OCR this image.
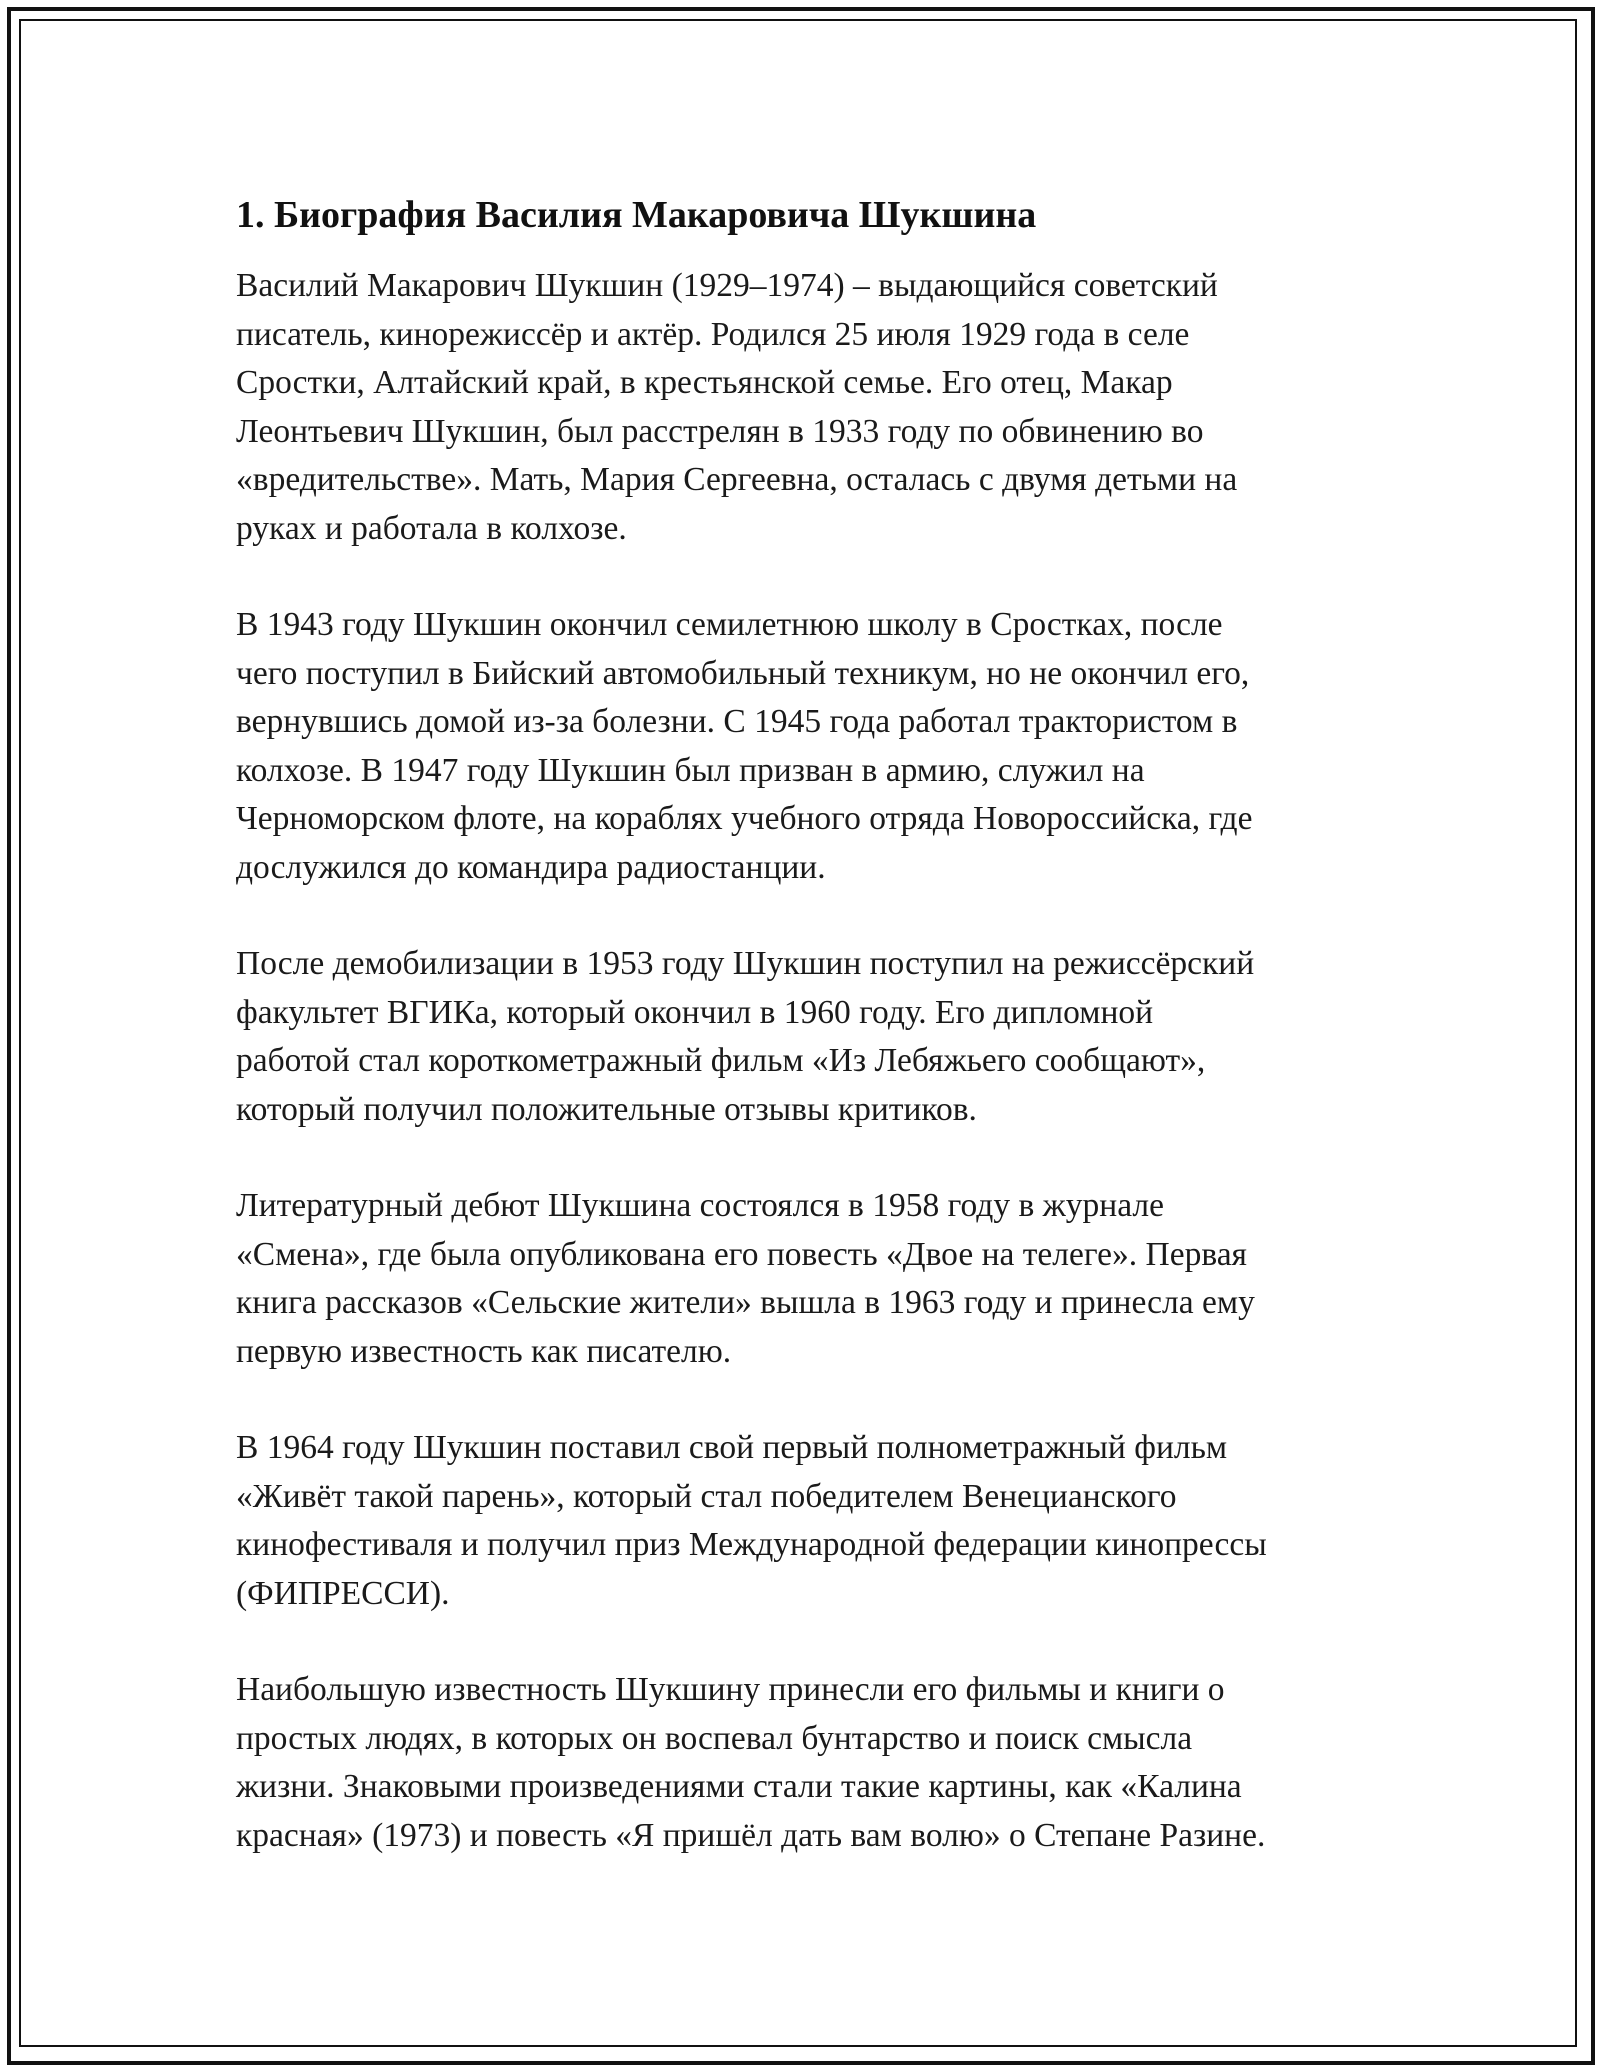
1. Биография Василия Макаровича Шукшина

Василий Макарович Шукшин (1929–1974) – выдающийся советский
писатель, кинорежиссёр и актёр. Родился 25 июля 1929 года в селе
Сростки, Алтайский край, в крестьянской семье. Его отец, Макар
Леонтьевич Шукшин, был расстрелян в 1933 году по обвинению во
«вредительстве». Мать, Мария Сергеевна, осталась с двумя детьми на
руках и работала в колхозе.

В 1943 году Шукшин окончил семилетнюю школу в Сростках, после
чего поступил в Бийский автомобильный техникум, но не окончил его,
вернувшись домой из-за болезни. С 1945 года работал трактористом в
колхозе. В 1947 году Шукшин был призван в армию, служил на
Черноморском флоте, на кораблях учебного отряда Новороссийска, где
дослужился до командира радиостанции.

После демобилизации в 1953 году Шукшин поступил на режиссёрский
факультет ВГИКа, который окончил в 1960 году. Его дипломной
работой стал короткометражный фильм «Из Лебяжьего сообщают»,
который получил положительные отзывы критиков.

Литературный дебют Шукшина состоялся в 1958 году в журнале
«Смена», где была опубликована его повесть «Двое на телеге». Первая
книга рассказов «Сельские жители» вышла в 1963 году и принесла ему
первую известность как писателю.

В 1964 году Шукшин поставил свой первый полнометражный фильм
«Живёт такой парень», который стал победителем Венецианского
кинофестиваля и получил приз Международной федерации кинопрессы
(ФИПРЕССИ).

Наибольшую известность Шукшину принесли его фильмы и книги о
простых людях, в которых он воспевал бунтарство и поиск смысла
жизни. Знаковыми произведениями стали такие картины, как «Калина
красная» (1973) и повесть «Я пришёл дать вам волю» о Степане Разине.
